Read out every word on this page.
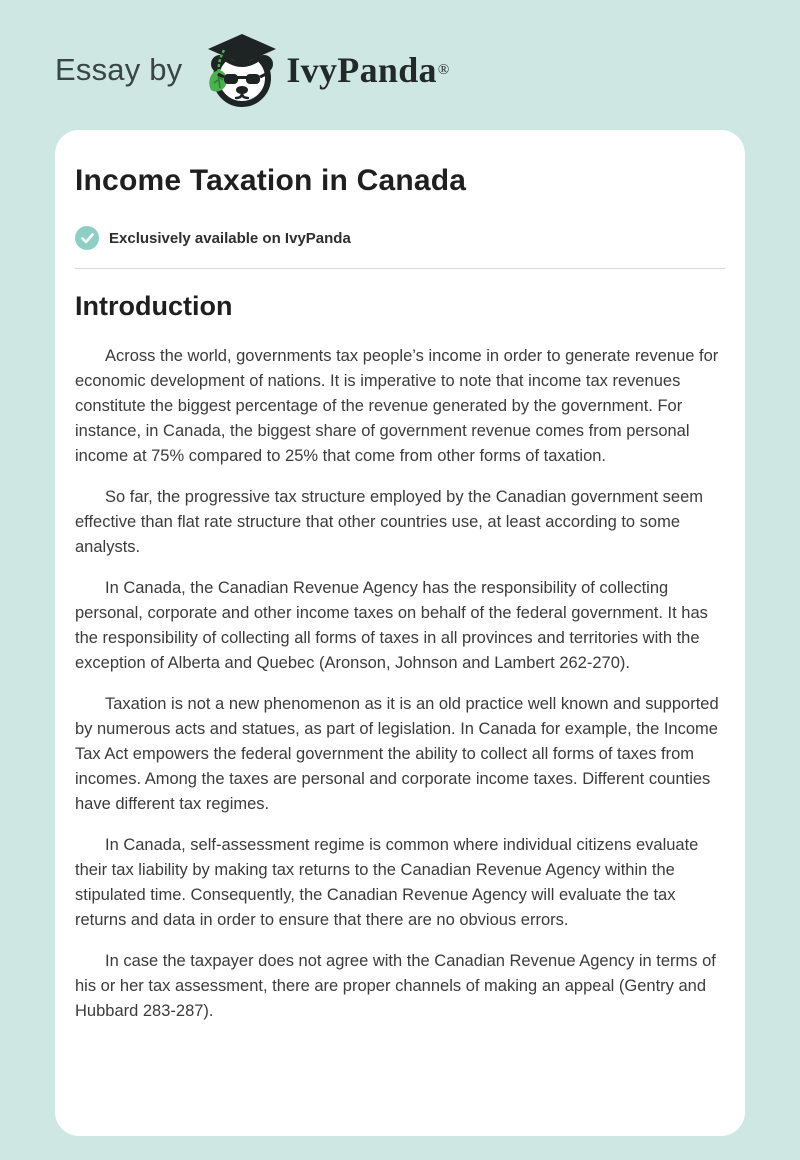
Essay by	IvyPanda ®
Income Taxation in Canada
Exclusively available on IvyPanda
Introduction

Across the world, governments tax people’s income in order to generate revenue for economic development of nations. It is imperative to note that income tax revenues constitute the biggest percentage of the revenue generated by the government. For instance, in Canada, the biggest share of government revenue comes from personal income at 75% compared to 25% that come from other forms of taxation.

So far, the progressive tax structure employed by the Canadian government seem effective than flat rate structure that other countries use, at least according to some analysts.

In Canada, the Canadian Revenue Agency has the responsibility of collecting personal, corporate and other income taxes on behalf of the federal government. It has the responsibility of collecting all forms of taxes in all provinces and territories with the exception of Alberta and Quebec (Aronson, Johnson and Lambert 262-270).

Taxation is not a new phenomenon as it is an old practice well known and supported by numerous acts and statues, as part of legislation. In Canada for example, the Income Tax Act empowers the federal government the ability to collect all forms of taxes from incomes. Among the taxes are personal and corporate income taxes. Different counties have different tax regimes.

In Canada, self-assessment regime is common where individual citizens evaluate their tax liability by making tax returns to the Canadian Revenue Agency within the stipulated time. Consequently, the Canadian Revenue Agency will evaluate the tax returns and data in order to ensure that there are no obvious errors.

In case the taxpayer does not agree with the Canadian Revenue Agency in terms of his or her tax assessment, there are proper channels of making an appeal (Gentry and Hubbard 283-287).
